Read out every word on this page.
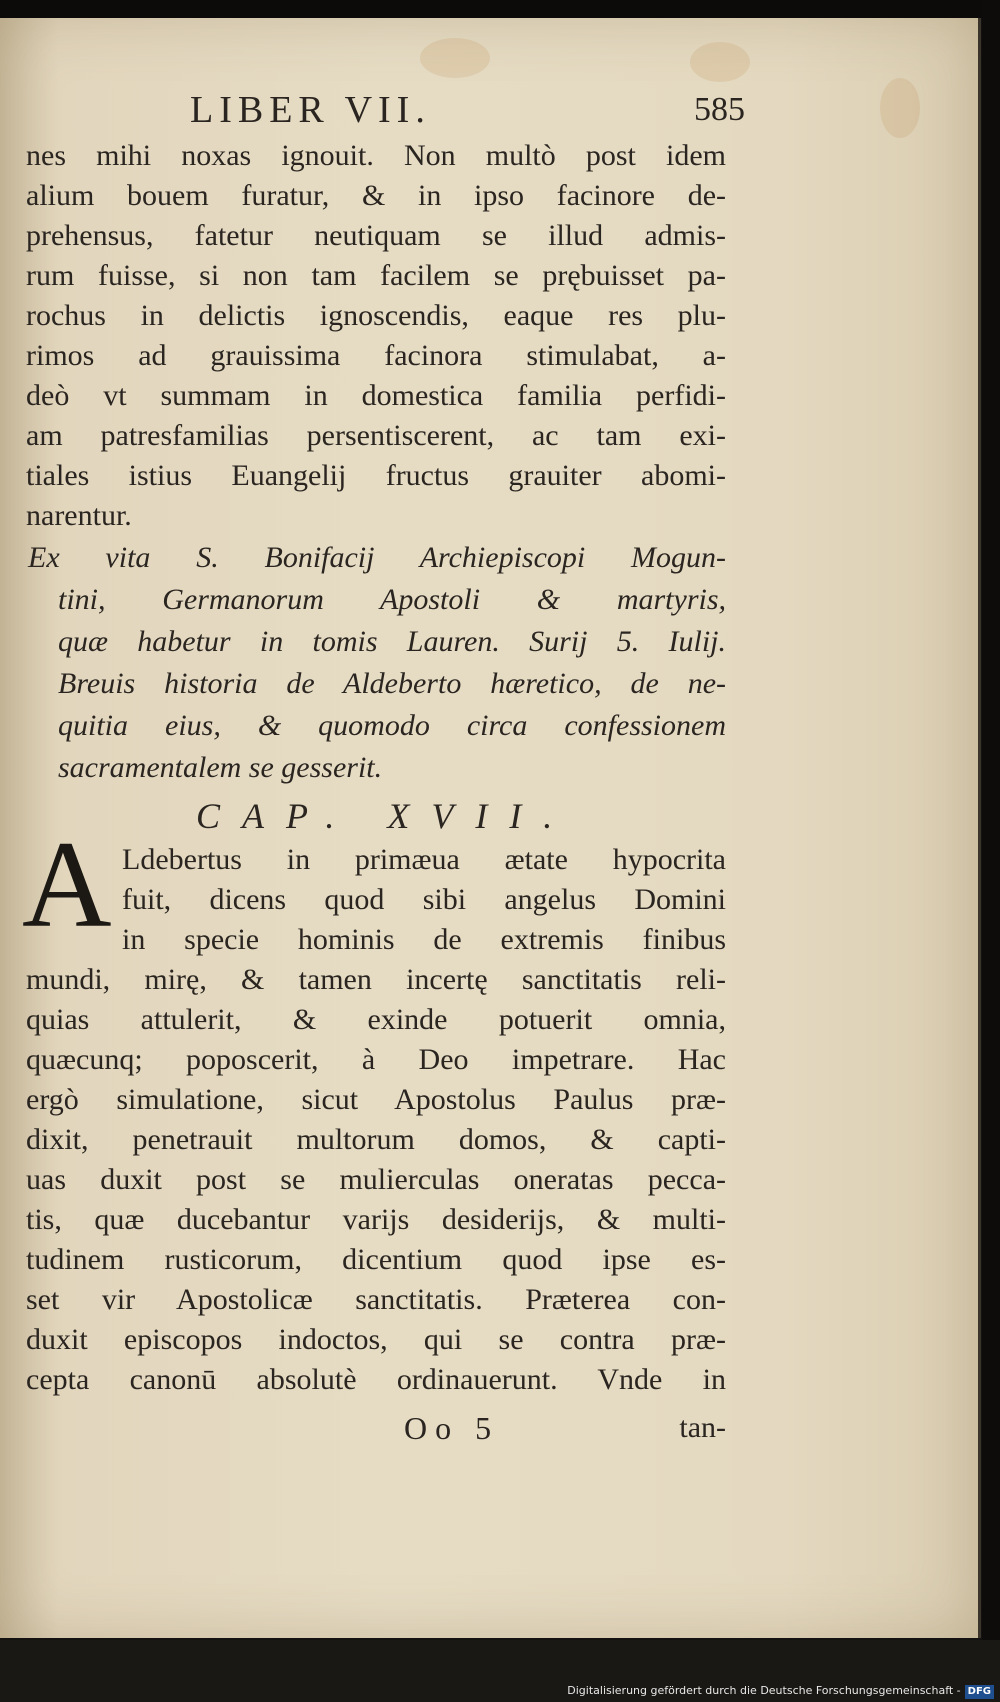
LIBER VII.	585
nes mihi noxas ignouit. Non multò post idem
alium bouem furatur, & in ipso facinore de-
prehensus, fatetur neutiquam se illud admis-
rum fuisse, si non tam facilem se prębuisset pa-
rochus in delictis ignoscendis, eaque res plu-
rimos ad grauissima facinora stimulabat, a-
deò vt summam in domestica familia perfidi-
am patresfamilias persentiscerent, ac tam exi-
tiales istius Euangelij fructus grauiter abomi-
narentur.
Ex vita S. Bonifacij Archiepiscopi Mogun-
tini, Germanorum Apostoli & martyris,
quæ habetur in tomis Lauren. Surij 5. Iulij.
Breuis historia de Aldeberto hæretico, de ne-
quitia eius, & quomodo circa confessionem
sacramentalem se gesserit.
CAP. XVII.
A Ldebertus in primæua ætate hypocrita
fuit, dicens quod sibi angelus Domini
in specie hominis de extremis finibus
mundi, mirę, & tamen incertę sanctitatis reli-
quias attulerit, & exinde potuerit omnia,
quæcunq; poposcerit, à Deo impetrare. Hac
ergò simulatione, sicut Apostolus Paulus præ-
dixit, penetrauit multorum domos, & capti-
uas duxit post se mulierculas oneratas pecca-
tis, quæ ducebantur varijs desiderijs, & multi-
tudinem rusticorum, dicentium quod ipse es-
set vir Apostolicæ sanctitatis. Præterea con-
duxit episcopos indoctos, qui se contra præ-
cepta canonū absolutè ordinauerunt. Vnde in
Oo 5	tan-
Digitalisierung gefördert durch die Deutsche Forschungsgemeinschaft - DFG
